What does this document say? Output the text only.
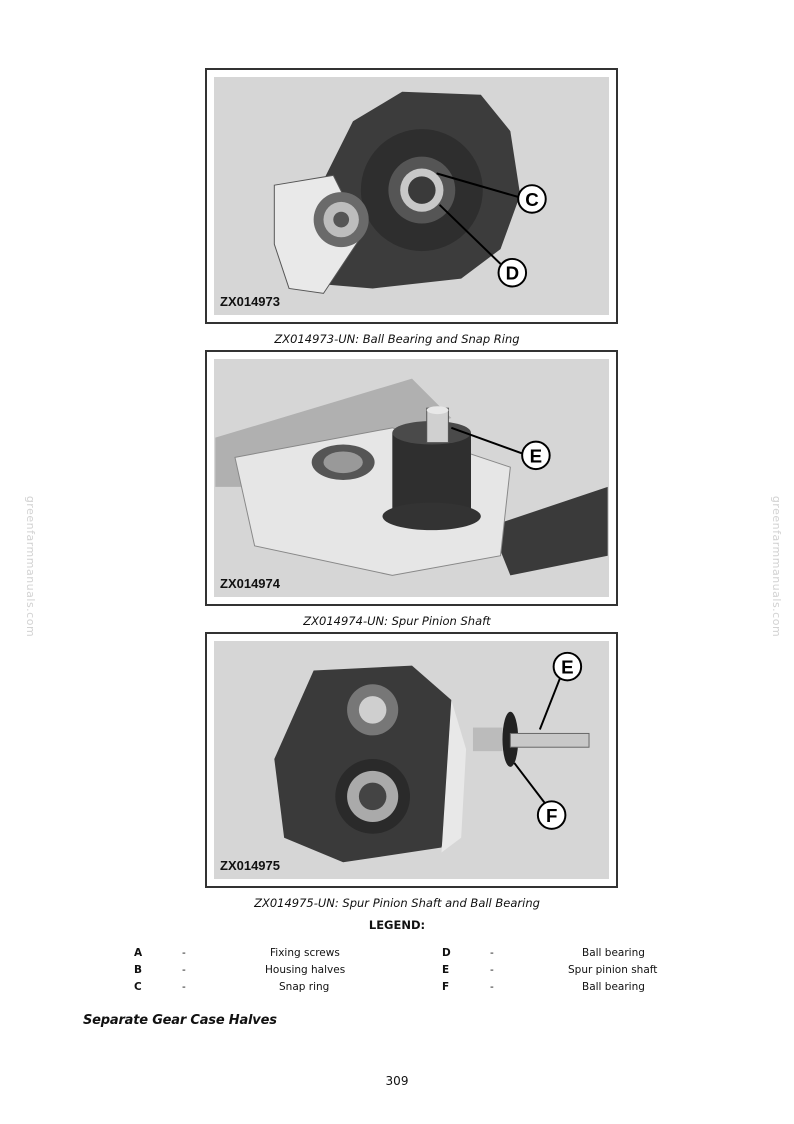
greenfarmmanuals.com	greenfarmmanuals.com
C
D
ZX014973
ZX014973-UN: Ball Bearing and Snap Ring
E
ZX014974
ZX014974-UN: Spur Pinion Shaft
E
F
ZX014975
ZX014975-UN: Spur Pinion Shaft and Ball Bearing
LEGEND:
A	-	Fixing screws	D	-	Ball bearing
B	-	Housing halves	E	-	Spur pinion shaft
C	-	Snap ring	F	-	Ball bearing
Separate Gear Case Halves
309
